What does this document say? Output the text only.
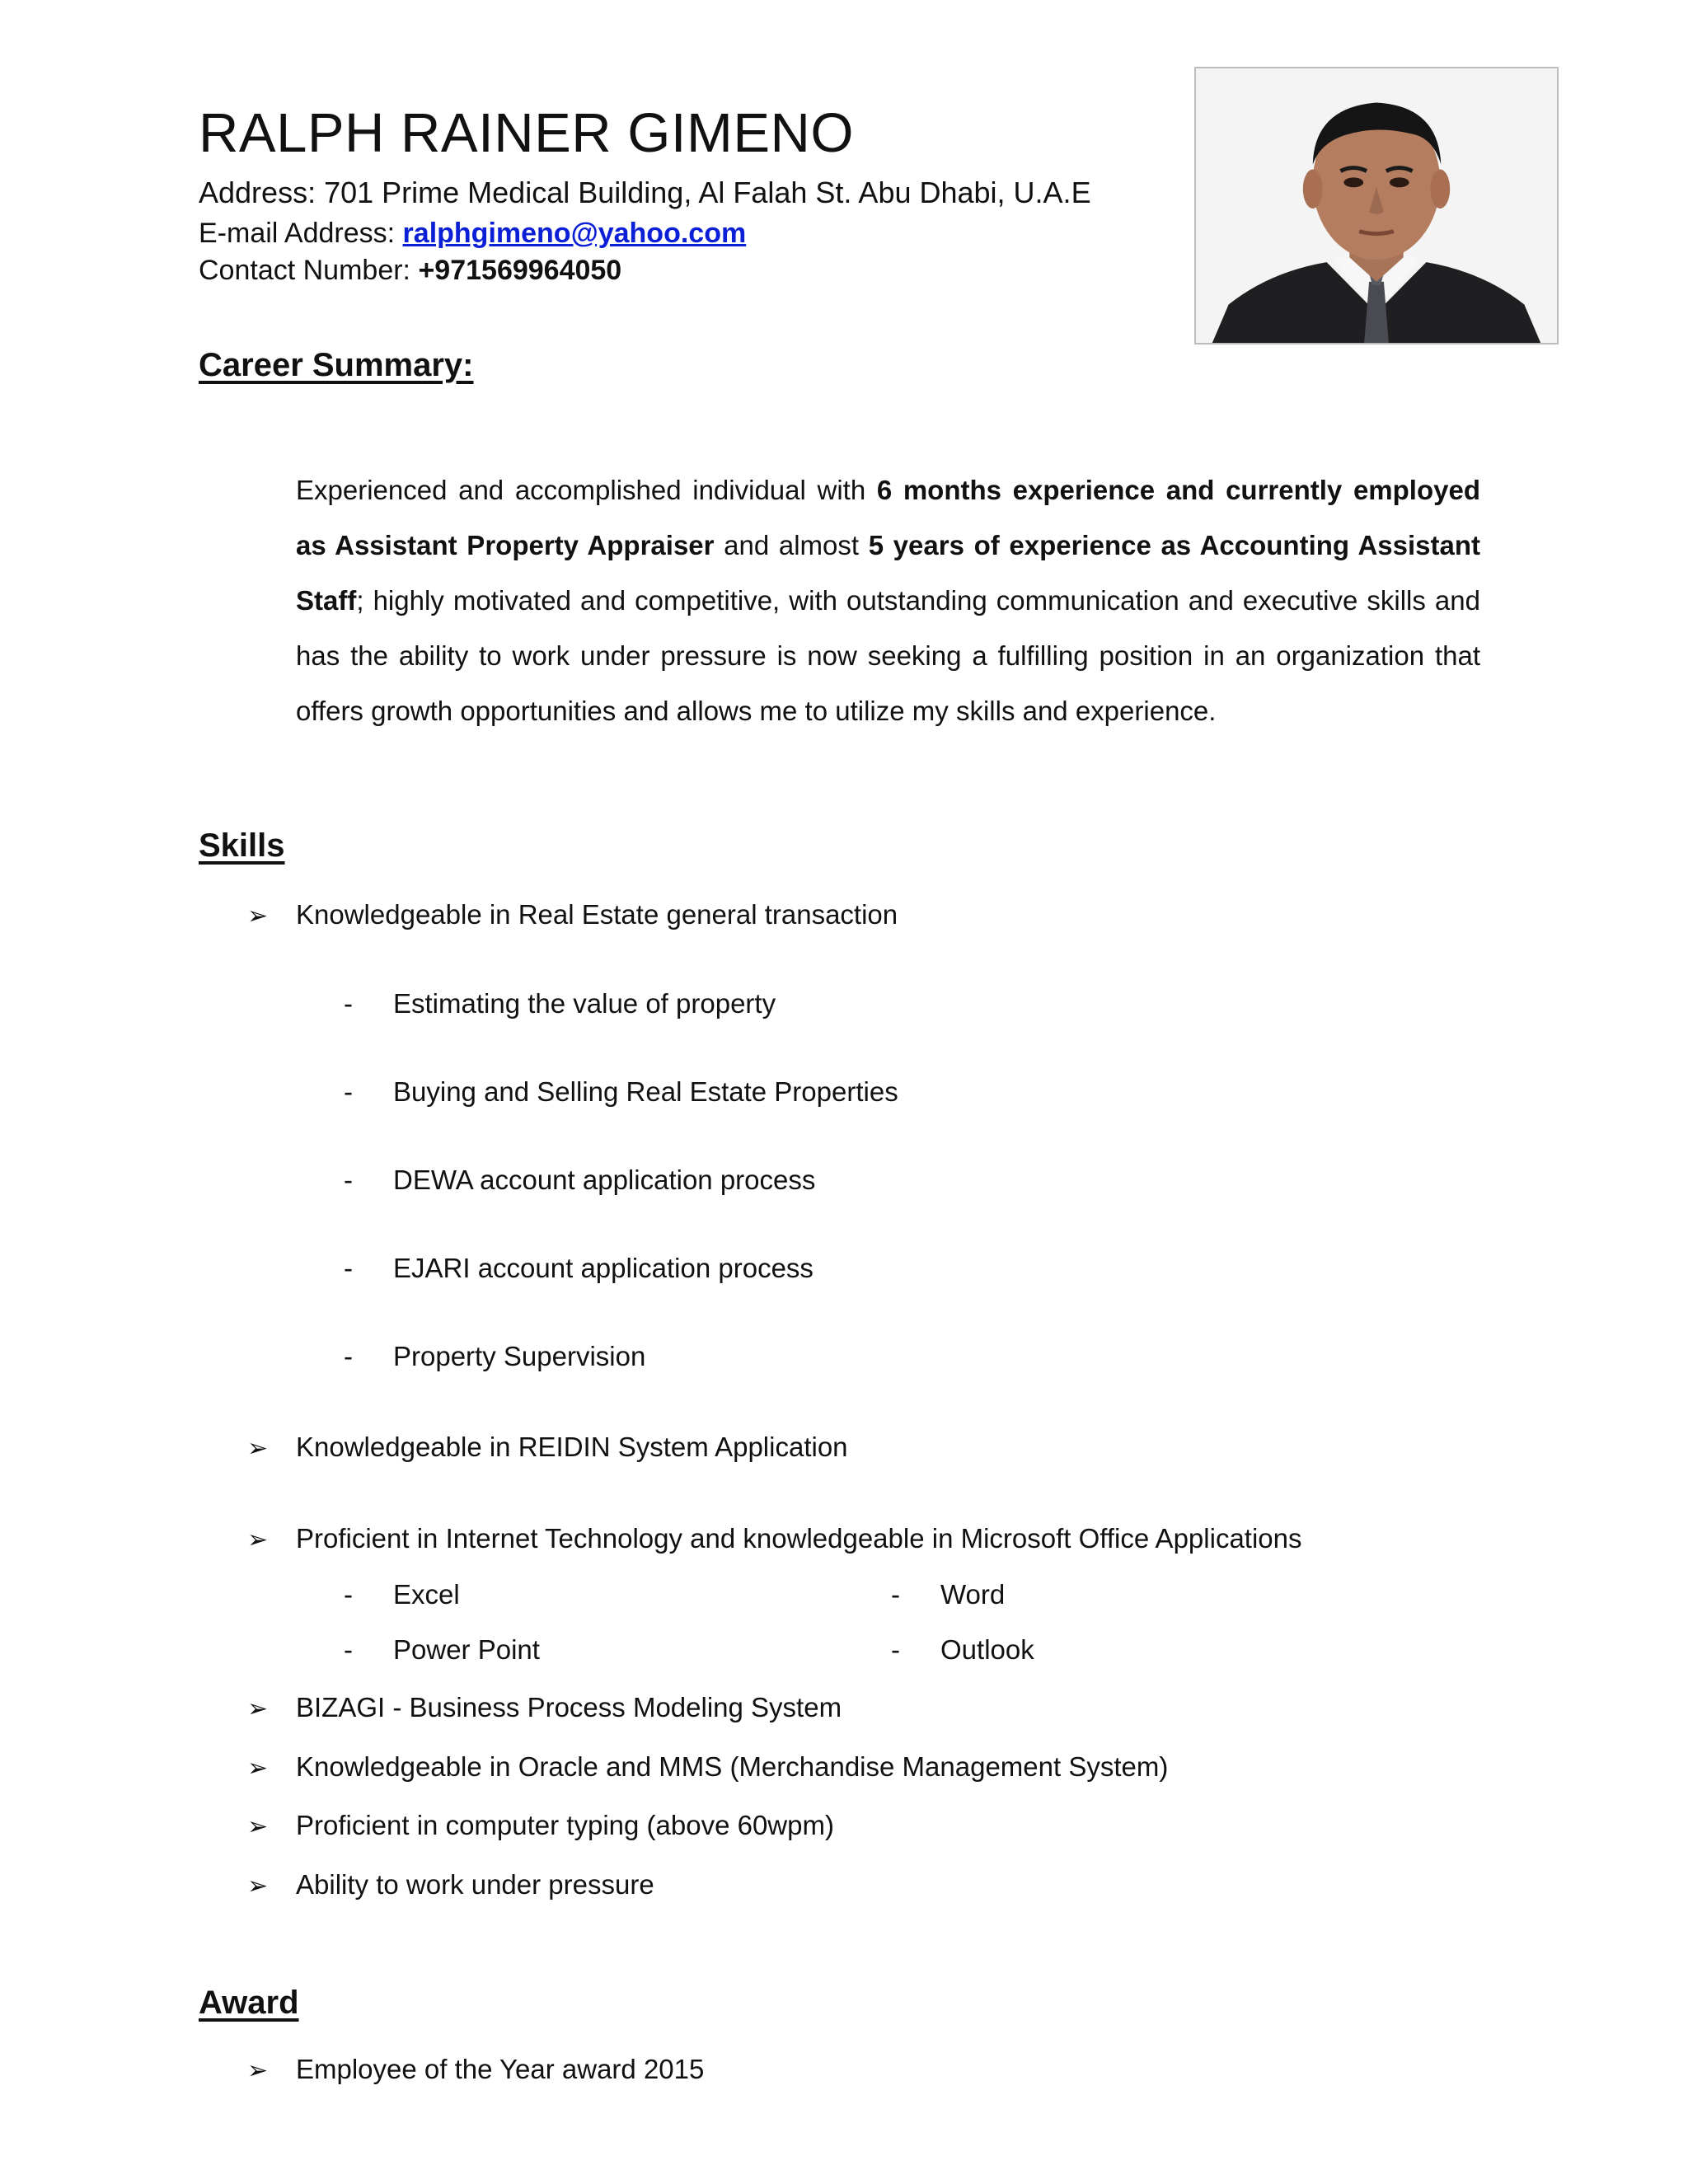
RALPH RAINER GIMENO
Address: 701 Prime Medical Building, Al Falah St. Abu Dhabi, U.A.E
E-mail Address: ralphgimeno@yahoo.com
Contact Number: +971569964050
Career Summary:

Experienced and accomplished individual with 6 months experience and currently employed as Assistant Property Appraiser and almost 5 years of experience as Accounting Assistant Staff; highly motivated and competitive, with outstanding communication and executive skills and has the ability to work under pressure is now seeking a fulfilling position in an organization that offers growth opportunities and allows me to utilize my skills and experience.

Skills
➢ Knowledgeable in Real Estate general transaction
- Estimating the value of property
- Buying and Selling Real Estate Properties
- DEWA account application process
- EJARI account application process
- Property Supervision
➢ Knowledgeable in REIDIN System Application
➢ Proficient in Internet Technology and knowledgeable in Microsoft Office Applications
- Excel	- Word
- Power Point	- Outlook
➢ BIZAGI - Business Process Modeling System
➢ Knowledgeable in Oracle and MMS (Merchandise Management System)
➢ Proficient in computer typing (above 60wpm)
➢ Ability to work under pressure
Award
➢ Employee of the Year award 2015
